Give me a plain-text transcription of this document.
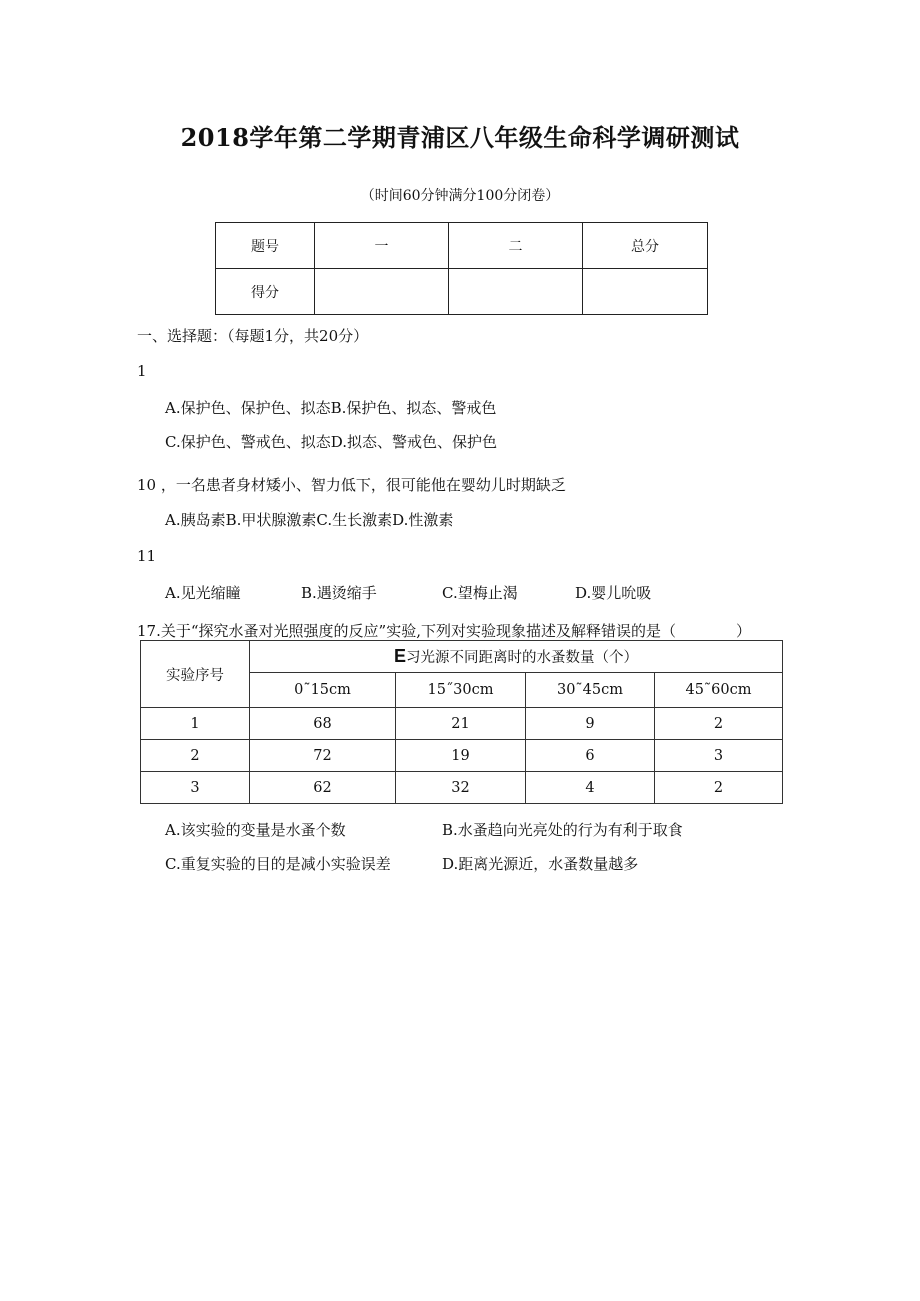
2018学年第二学期青浦区八年级生命科学调研测试
（时间60分钟满分100分闭卷）
题号	一	二	总分
得分			
一、选择题：（每题1分，共20分）
1
A.保护色、保护色、拟态B.保护色、拟态、警戒色
C.保护色、警戒色、拟态D.拟态、警戒色、保护色
10 ，一名患者身材矮小、智力低下，很可能他在婴幼儿时期缺乏
A.胰岛素B.甲状腺激素C.生长激素D.性激素
11
A.见光缩瞳	B.遇烫缩手	C.望梅止渴	D.婴儿吮吸
17.关于“探究水蚤对光照强度的反应”实验,下列对实验现象描述及解释错误的是（　　　　）
实验序号	E习光源不同距离时的水蚤数量（个）			
	0˜15cm	15˝30cm	30˜45cm	45˜60cm
1	68	21	9	2
2	72	19	6	3
3	62	32	4	2
A.该实验的变量是水蚤个数	B.水蚤趋向光亮处的行为有利于取食
C.重复实验的目的是减小实验误差	D.距离光源近，水蚤数量越多
